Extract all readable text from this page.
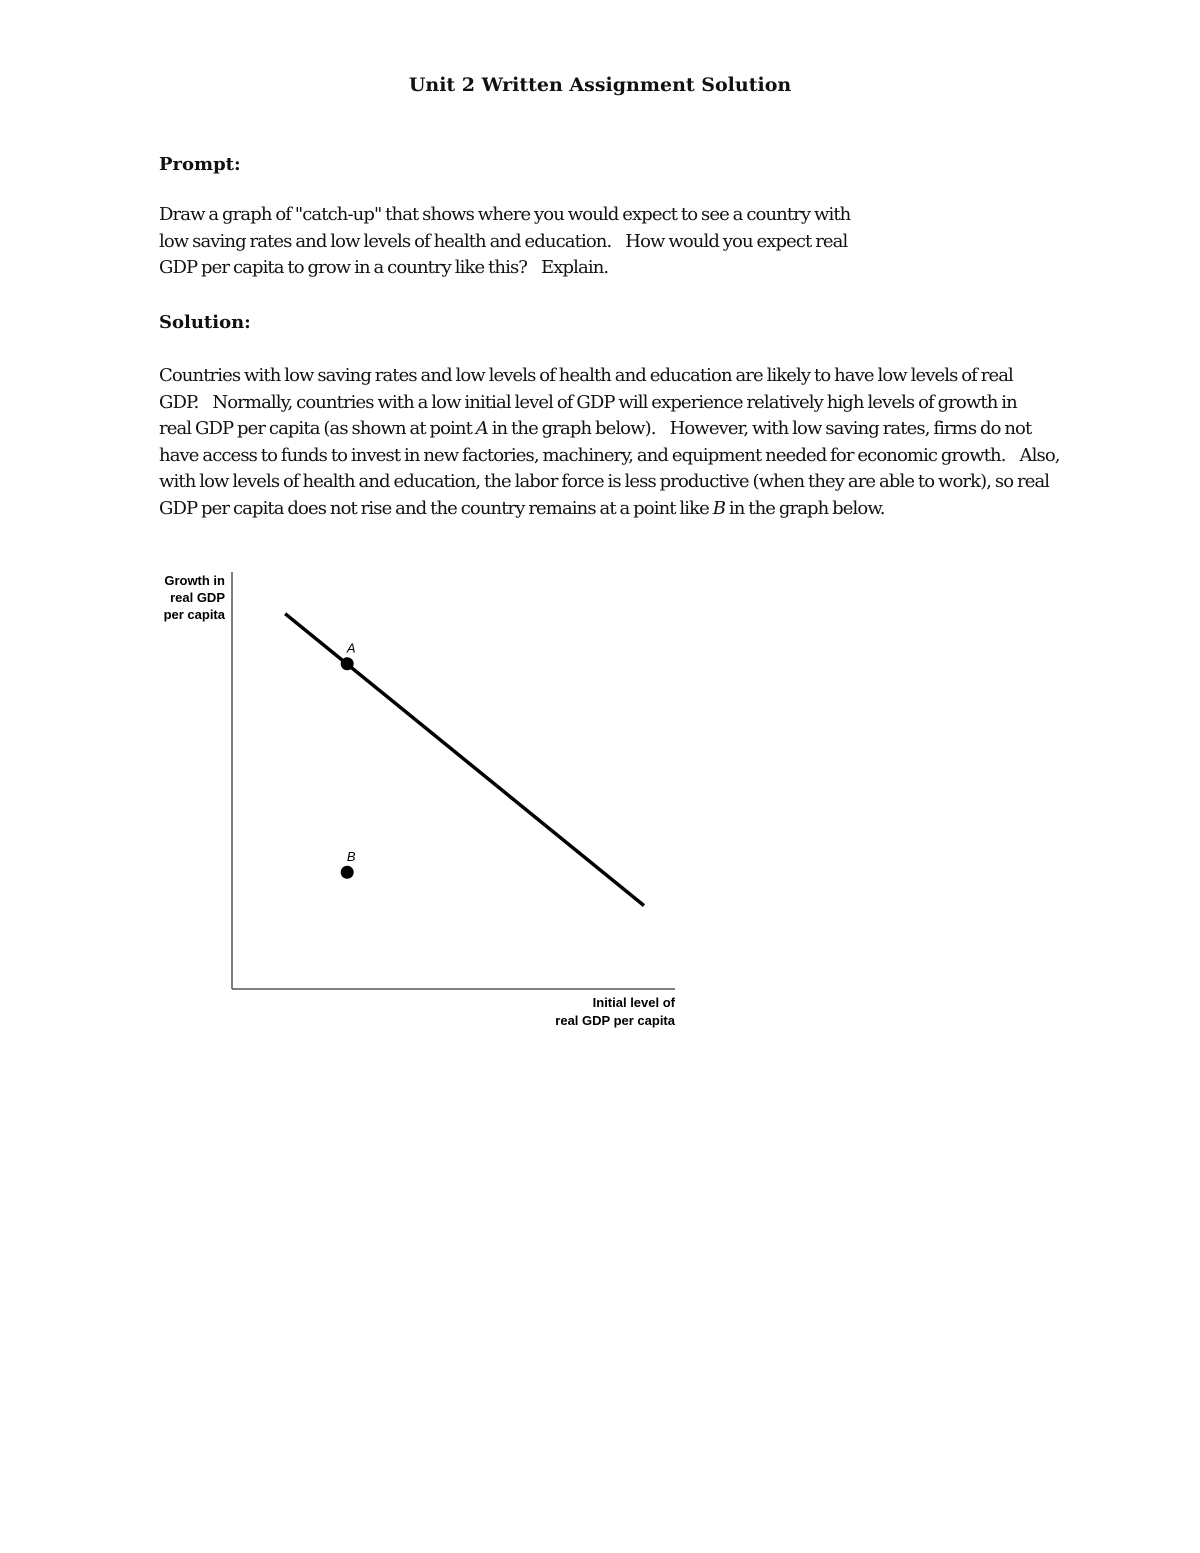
Unit 2 Written Assignment Solution
Prompt:
Draw a graph of "catch-up" that shows where you would expect to see a country with
low saving rates and low levels of health and education. How would you expect real
GDP per capita to grow in a country like this? Explain.
Solution:
Countries with low saving rates and low levels of health and education are likely to have low levels of real
GDP. Normally, countries with a low initial level of GDP will experience relatively high levels of growth in
real GDP per capita (as shown at point A in the graph below). However, with low saving rates, firms do not
have access to funds to invest in new factories, machinery, and equipment needed for economic growth. Also,
with low levels of health and education, the labor force is less productive (when they are able to work), so real
GDP per capita does not rise and the country remains at a point like B in the graph below.
Growth in
real GDP
per capita
Initial level of
real GDP per capita
A
B
